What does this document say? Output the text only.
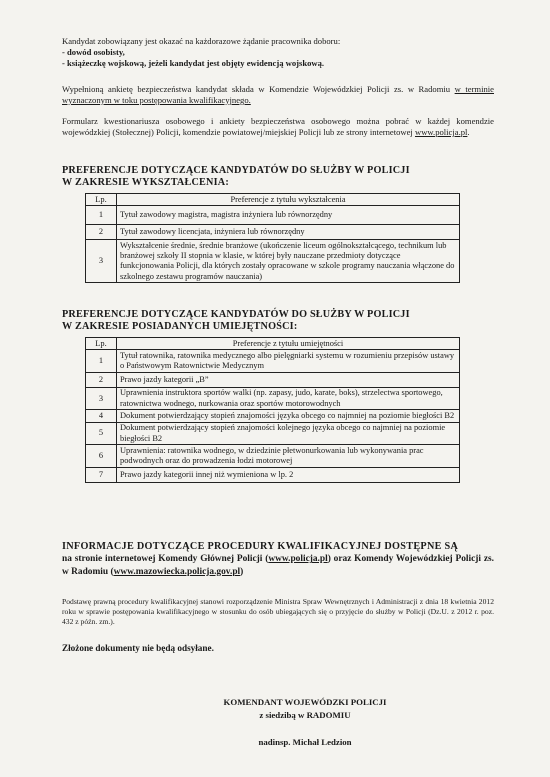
Kandydat zobowiązany jest okazać na każdorazowe żądanie pracownika doboru:
- dowód osobisty,
- książeczkę wojskową, jeżeli kandydat jest objęty ewidencją wojskową.

Wypełnioną ankietę bezpieczeństwa kandydat składa w Komendzie Wojewódzkiej Policji zs. w Radomiu w terminie wyznaczonym w toku postępowania kwalifikacyjnego.

Formularz kwestionariusza osobowego i ankiety bezpieczeństwa osobowego można pobrać w każdej komendzie wojewódzkiej (Stołecznej) Policji, komendzie powiatowej/miejskiej Policji lub ze strony internetowej www.policja.pl.

PREFERENCJE DOTYCZĄCE KANDYDATÓW DO SŁUŻBY W POLICJI
W ZAKRESIE WYKSZTAŁCENIA:
Lp.	Preferencje z tytułu wykształcenia
1	Tytuł zawodowy magistra, magistra inżyniera lub równorzędny
2	Tytuł zawodowy licencjata, inżyniera lub równorzędny
3	Wykształcenie średnie, średnie branżowe (ukończenie liceum ogólnokształcącego, technikum lub branżowej szkoły II stopnia w klasie, w której były nauczane przedmioty dotyczące funkcjonowania Policji, dla których zostały opracowane w szkole programy nauczania włączone do szkolnego zestawu programów nauczania)
PREFERENCJE DOTYCZĄCE KANDYDATÓW DO SŁUŻBY W POLICJI
W ZAKRESIE POSIADANYCH UMIEJĘTNOŚCI:
Lp.	Preferencje z tytułu umiejętności
1	Tytuł ratownika, ratownika medycznego albo pielęgniarki systemu w rozumieniu przepisów ustawy o Państwowym Ratownictwie Medycznym
2	Prawo jazdy kategorii „B”
3	Uprawnienia instruktora sportów walki (np. zapasy, judo, karate, boks), strzelectwa sportowego, ratownictwa wodnego, nurkowania oraz sportów motorowodnych
4	Dokument potwierdzający stopień znajomości języka obcego co najmniej na poziomie biegłości B2
5	Dokument potwierdzający stopień znajomości kolejnego języka obcego co najmniej na poziomie biegłości B2
6	Uprawnienia: ratownika wodnego, w dziedzinie płetwonurkowania lub wykonywania prac podwodnych oraz do prowadzenia łodzi motorowej
7	Prawo jazdy kategorii innej niż wymieniona w lp. 2
INFORMACJE DOTYCZĄCE PROCEDURY KWALIFIKACYJNEJ DOSTĘPNE SĄ
na stronie internetowej Komendy Głównej Policji (www.policja.pl) oraz Komendy Wojewódzkiej Policji zs. w Radomiu (www.mazowiecka.policja.gov.pl)

Podstawę prawną procedury kwalifikacyjnej stanowi rozporządzenie Ministra Spraw Wewnętrznych i Administracji z dnia 18 kwietnia 2012 roku w sprawie postępowania kwalifikacyjnego w stosunku do osób ubiegających się o przyjęcie do służby w Policji (Dz.U. z 2012 r. poz. 432 z późn. zm.).

Złożone dokumenty nie będą odsyłane.

KOMENDANT WOJEWÓDZKI POLICJI

z siedzibą w RADOMIU

nadinsp. Michał Ledzion
